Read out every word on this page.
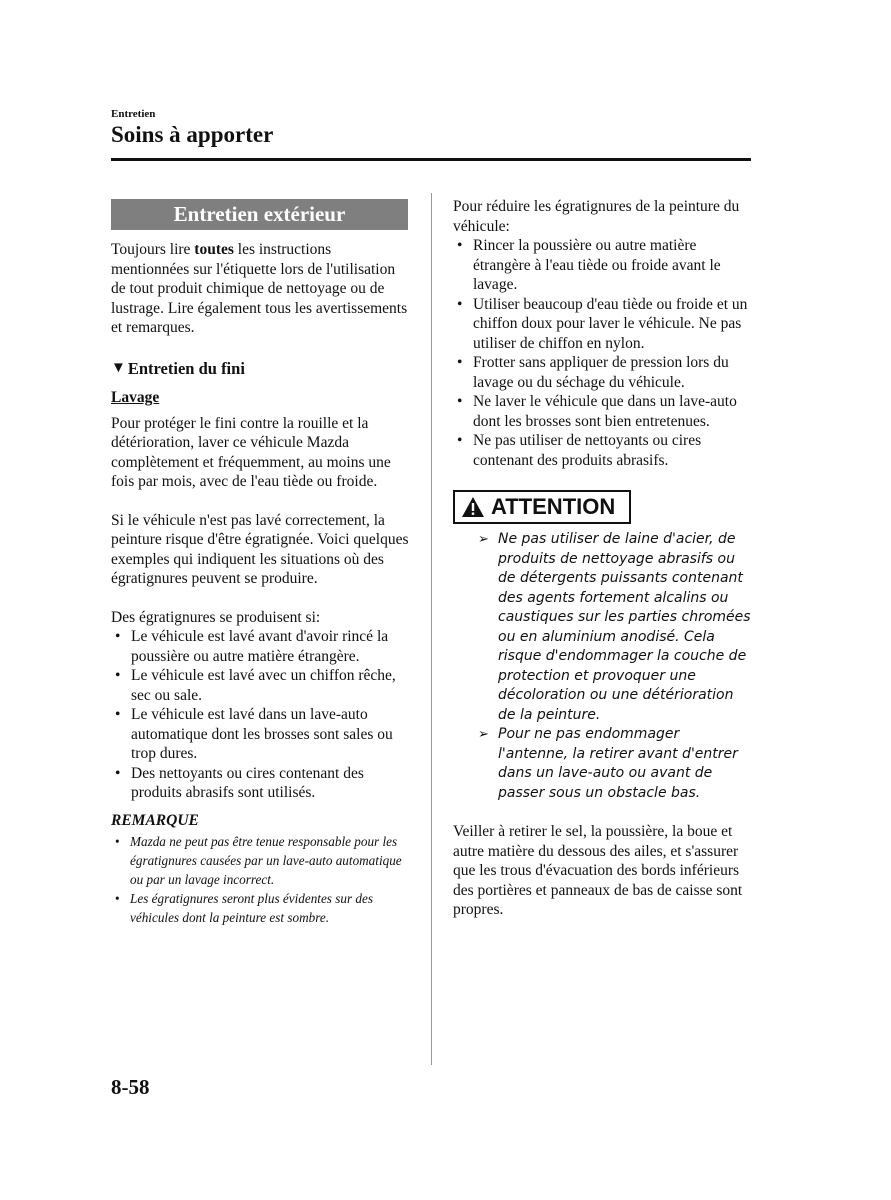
Entretien
Soins à apporter
Entretien extérieur

Toujours lire toutes les instructions mentionnées sur l'étiquette lors de l'utilisation de tout produit chimique de nettoyage ou de lustrage. Lire également tous les avertissements et remarques.

▼ Entretien du fini
Lavage

Pour protéger le fini contre la rouille et la détérioration, laver ce véhicule Mazda complètement et fréquemment, au moins une fois par mois, avec de l'eau tiède ou froide.

Si le véhicule n'est pas lavé correctement, la peinture risque d'être égratignée. Voici quelques exemples qui indiquent les situations où des égratignures peuvent se produire.

Des égratignures se produisent si:

• Le véhicule est lavé avant d'avoir rincé la poussière ou autre matière étrangère.
• Le véhicule est lavé avec un chiffon rêche, sec ou sale.
• Le véhicule est lavé dans un lave-auto automatique dont les brosses sont sales ou trop dures.
• Des nettoyants ou cires contenant des produits abrasifs sont utilisés.
REMARQUE
• Mazda ne peut pas être tenue responsable pour les égratignures causées par un lave-auto automatique ou par un lavage incorrect.
• Les égratignures seront plus évidentes sur des véhicules dont la peinture est sombre.

Pour réduire les égratignures de la peinture du véhicule:

• Rincer la poussière ou autre matière étrangère à l'eau tiède ou froide avant le lavage.
• Utiliser beaucoup d'eau tiède ou froide et un chiffon doux pour laver le véhicule. Ne pas utiliser de chiffon en nylon.
• Frotter sans appliquer de pression lors du lavage ou du séchage du véhicule.
• Ne laver le véhicule que dans un lave-auto dont les brosses sont bien entretenues.
• Ne pas utiliser de nettoyants ou cires contenant des produits abrasifs.
ATTENTION
➢ Ne pas utiliser de laine d'acier, de produits de nettoyage abrasifs ou de détergents puissants contenant des agents fortement alcalins ou caustiques sur les parties chromées ou en aluminium anodisé. Cela risque d'endommager la couche de protection et provoquer une décoloration ou une détérioration de la peinture.
➢ Pour ne pas endommager l'antenne, la retirer avant d'entrer dans un lave-auto ou avant de passer sous un obstacle bas.

Veiller à retirer le sel, la poussière, la boue et autre matière du dessous des ailes, et s'assurer que les trous d'évacuation des bords inférieurs des portières et panneaux de bas de caisse sont propres.

8-58
